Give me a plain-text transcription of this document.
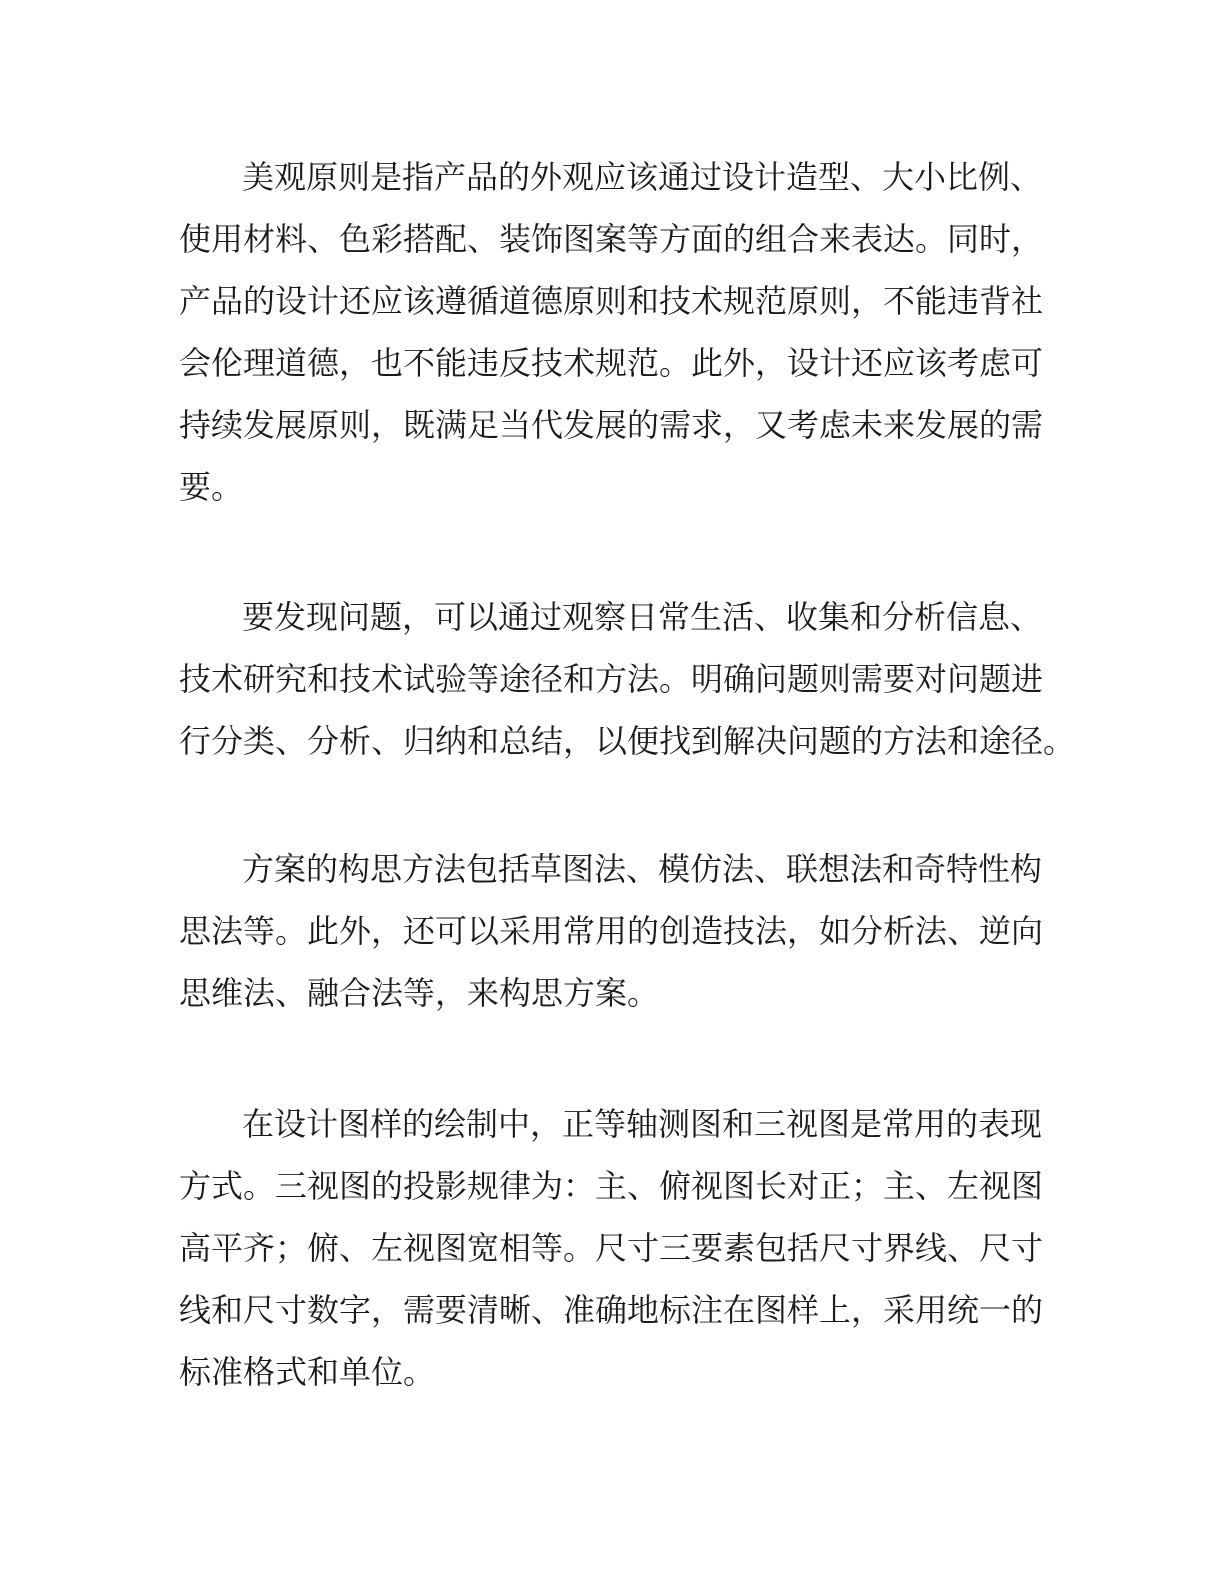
美观原则是指产品的外观应该通过设计造型、大小比例、
使用材料、色彩搭配、装饰图案等方面的组合来表达。同时，
产品的设计还应该遵循道德原则和技术规范原则，不能违背社
会伦理道德，也不能违反技术规范。此外，设计还应该考虑可
持续发展原则，既满足当代发展的需求，又考虑未来发展的需
要。

要发现问题，可以通过观察日常生活、收集和分析信息、
技术研究和技术试验等途径和方法。明确问题则需要对问题进
行分类、分析、归纳和总结，以便找到解决问题的方法和途径。

方案的构思方法包括草图法、模仿法、联想法和奇特性构
思法等。此外，还可以采用常用的创造技法，如分析法、逆向
思维法、融合法等，来构思方案。

在设计图样的绘制中，正等轴测图和三视图是常用的表现
方式。三视图的投影规律为：主、俯视图长对正；主、左视图
高平齐；俯、左视图宽相等。尺寸三要素包括尺寸界线、尺寸
线和尺寸数字，需要清晰、准确地标注在图样上，采用统一的
标准格式和单位。
